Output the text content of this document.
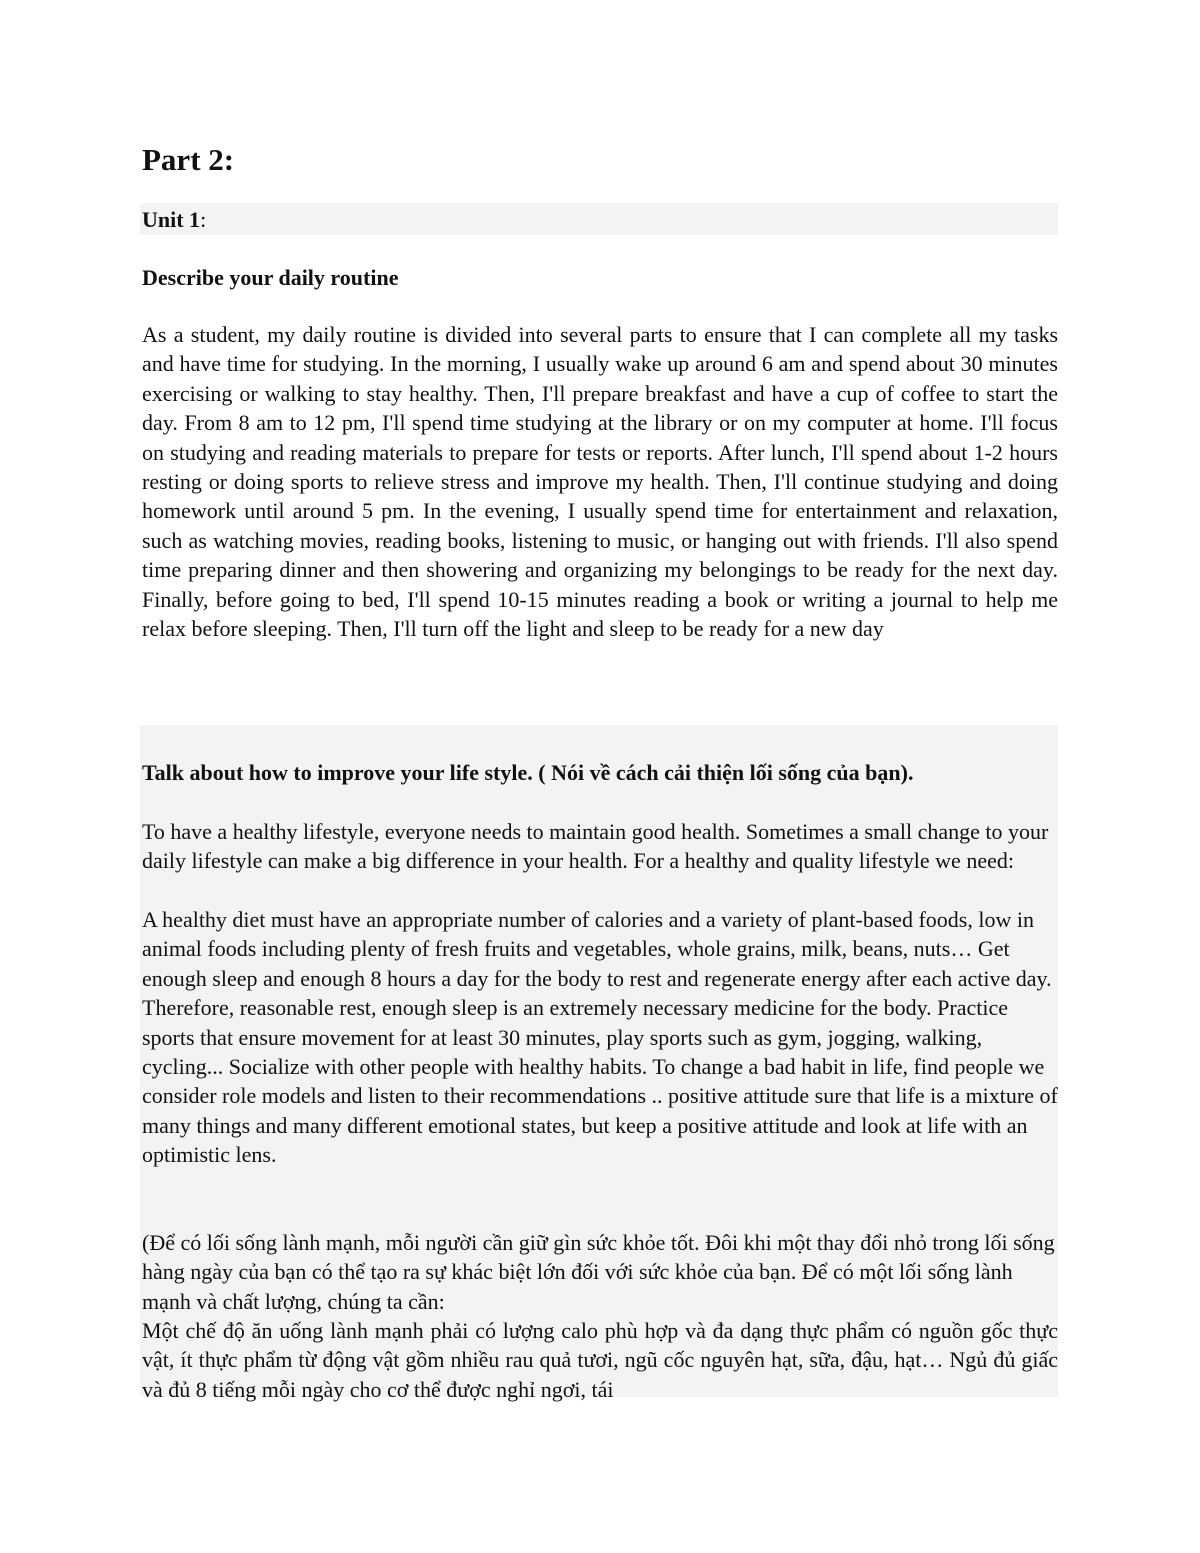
Part 2:

Unit 1:

Describe your daily routine

As a student, my daily routine is divided into several parts to ensure that I can complete all my tasks and have time for studying. In the morning, I usually wake up around 6 am and spend about 30 minutes exercising or walking to stay healthy. Then, I'll prepare breakfast and have a cup of coffee to start the day. From 8 am to 12 pm, I'll spend time studying at the library or on my computer at home. I'll focus on studying and reading materials to prepare for tests or reports. After lunch, I'll spend about 1-2 hours resting or doing sports to relieve stress and improve my health. Then, I'll continue studying and doing homework until around 5 pm. In the evening, I usually spend time for entertainment and relaxation, such as watching movies, reading books, listening to music, or hanging out with friends. I'll also spend time preparing dinner and then showering and organizing my belongings to be ready for the next day. Finally, before going to bed, I'll spend 10-15 minutes reading a book or writing a journal to help me relax before sleeping. Then, I'll turn off the light and sleep to be ready for a new day

Talk about how to improve your life style. ( Nói về cách cải thiện lối sống của bạn).

To have a healthy lifestyle, everyone needs to maintain good health. Sometimes a small change to your daily lifestyle can make a big difference in your health. For a healthy and quality lifestyle we need:

A healthy diet must have an appropriate number of calories and a variety of plant-based foods, low in animal foods including plenty of fresh fruits and vegetables, whole grains, milk, beans, nuts… Get enough sleep and enough 8 hours a day for the body to rest and regenerate energy after each active day. Therefore, reasonable rest, enough sleep is an extremely necessary medicine for the body. Practice sports that ensure movement for at least 30 minutes, play sports such as gym, jogging, walking, cycling... Socialize with other people with healthy habits. To change a bad habit in life, find people we consider role models and listen to their recommendations .. positive attitude sure that life is a mixture of many things and many different emotional states, but keep a positive attitude and look at life with an optimistic lens.

(Để có lối sống lành mạnh, mỗi người cần giữ gìn sức khỏe tốt. Đôi khi một thay đổi nhỏ trong lối sống hàng ngày của bạn có thể tạo ra sự khác biệt lớn đối với sức khỏe của bạn. Để có một lối sống lành mạnh và chất lượng, chúng ta cần:

Một chế độ ăn uống lành mạnh phải có lượng calo phù hợp và đa dạng thực phẩm có nguồn gốc thực vật, ít thực phẩm từ động vật gồm nhiều rau quả tươi, ngũ cốc nguyên hạt, sữa, đậu, hạt… Ngủ đủ giấc và đủ 8 tiếng mỗi ngày cho cơ thể được nghỉ ngơi, tái
